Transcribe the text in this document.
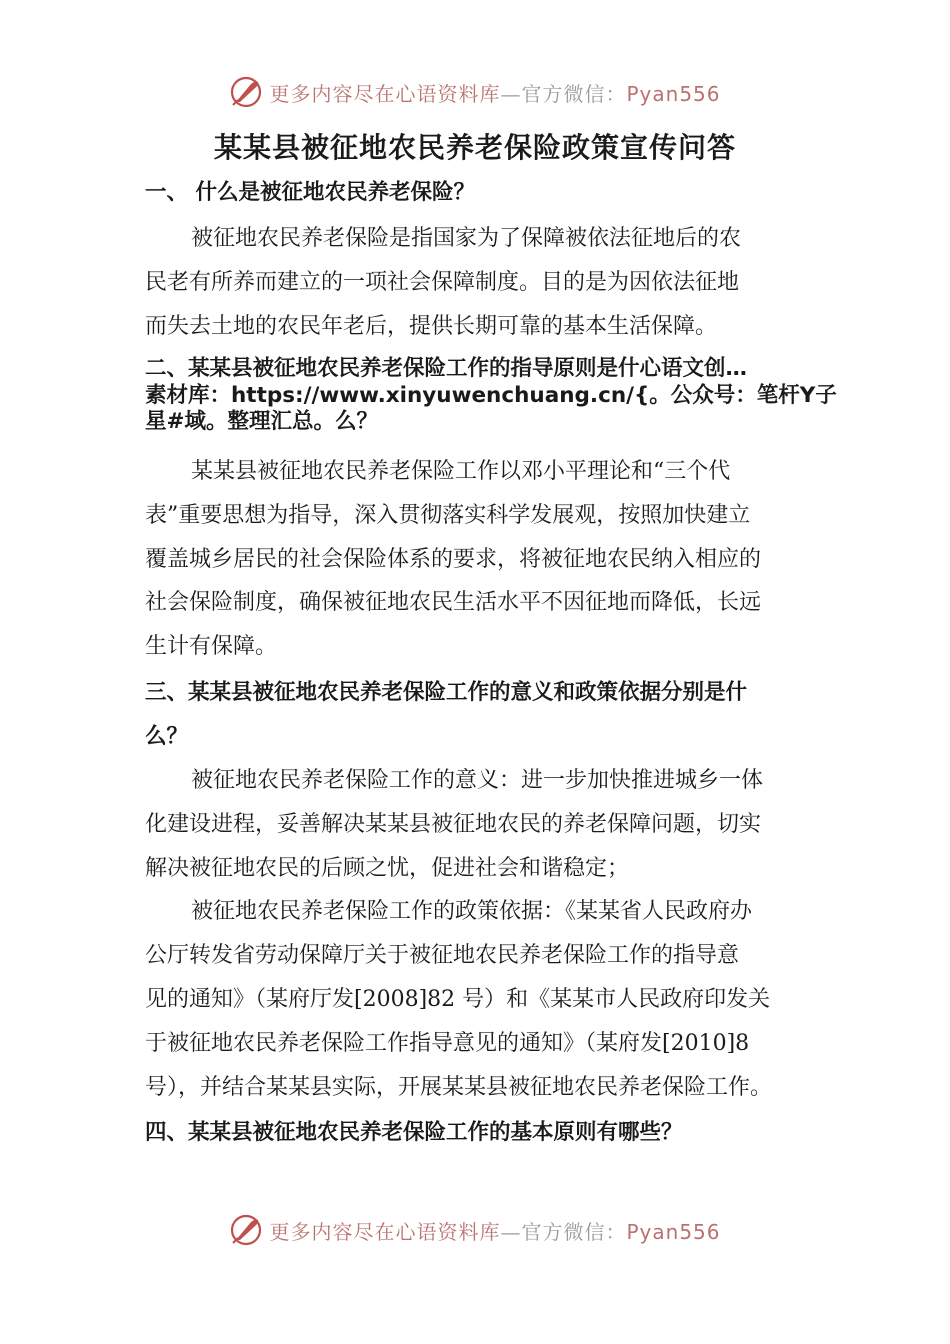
更多内容尽在心语资料库—官方微信：Pyan556
某某县被征地农民养老保险政策宣传问答
一、 什么是被征地农民养老保险？
被征地农民养老保险是指国家为了保障被依法征地后的农
民老有所养而建立的一项社会保障制度。目的是为因依法征地
而失去土地的农民年老后，提供长期可靠的基本生活保障。
二、某某县被征地农民养老保险工作的指导原则是什心语文创…
素材库：https://www.xinyuwenchuang.cn/{。公众号：笔杆Y子
星#域。整理汇总。么？
某某县被征地农民养老保险工作以邓小平理论和“三个代
表”重要思想为指导，深入贯彻落实科学发展观，按照加快建立
覆盖城乡居民的社会保险体系的要求，将被征地农民纳入相应的
社会保险制度，确保被征地农民生活水平不因征地而降低，长远
生计有保障。
三、某某县被征地农民养老保险工作的意义和政策依据分别是什
么？
被征地农民养老保险工作的意义：进一步加快推进城乡一体
化建设进程，妥善解决某某县被征地农民的养老保障问题，切实
解决被征地农民的后顾之忧，促进社会和谐稳定；
被征地农民养老保险工作的政策依据：《某某省人民政府办
公厅转发省劳动保障厅关于被征地农民养老保险工作的指导意
见的通知》（某府厅发[2008]82 号）和《某某市人民政府印发关
于被征地农民养老保险工作指导意见的通知》（某府发[2010]8
号），并结合某某县实际，开展某某县被征地农民养老保险工作。
四、某某县被征地农民养老保险工作的基本原则有哪些？
更多内容尽在心语资料库—官方微信：Pyan556
